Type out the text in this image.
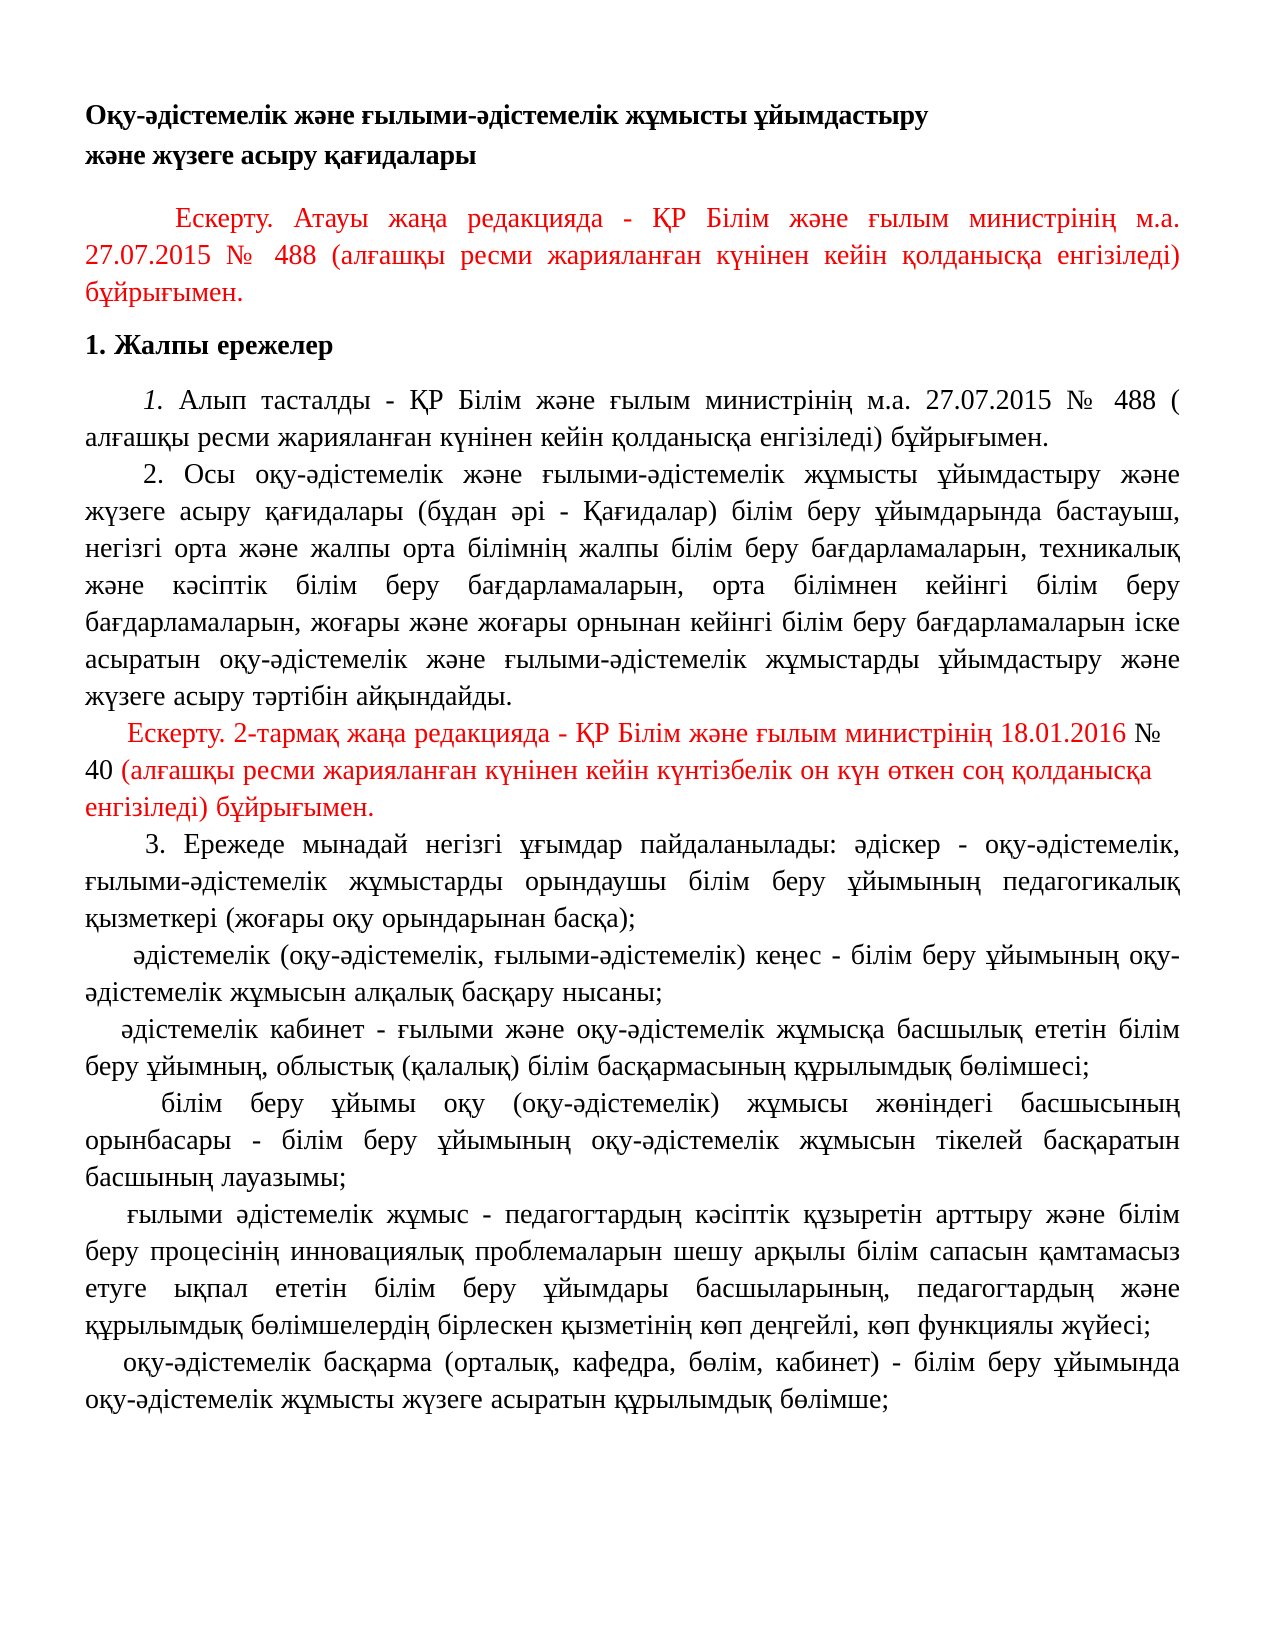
Оқу-әдістемелік және ғылыми-әдістемелік жұмысты ұйымдастыру
және жүзеге асыру қағидалары

Ескерту. Атауы жаңа редакцияда - ҚР Білім және ғылым министрінің м.а. 27.07.2015 № 488 (алғашқы ресми жарияланған күнінен кейін қолданысқа енгізіледі) бұйрығымен.

1. Жалпы ережелер

1. Алып тасталды - ҚР Білім және ғылым министрінің м.а. 27.07.2015 № 488 ( алғашқы ресми жарияланған күнінен кейін қолданысқа енгізіледі) бұйрығымен.

2. Осы оқу-әдістемелік және ғылыми-әдістемелік жұмысты ұйымдастыру және жүзеге асыру қағидалары (бұдан әрі - Қағидалар) білім беру ұйымдарында бастауыш, негізгі орта және жалпы орта білімнің жалпы білім беру бағдарламаларын, техникалық және кәсіптік білім беру бағдарламаларын, орта білімнен кейінгі білім беру бағдарламаларын, жоғары және жоғары орнынан кейінгі білім беру бағдарламаларын іске асыратын оқу-әдістемелік және ғылыми-әдістемелік жұмыстарды ұйымдастыру және жүзеге асыру тәртібін айқындайды.

Ескерту. 2-тармақ жаңа редакцияда - ҚР Білім және ғылым министрінің 18.01.2016 № 40 (алғашқы ресми жарияланған күнінен кейін күнтізбелік он күн өткен соң қолданысқа енгізіледі) бұйрығымен.

3. Ережеде мынадай негізгі ұғымдар пайдаланылады: әдіскер - оқу-әдістемелік, ғылыми-әдістемелік жұмыстарды орындаушы білім беру ұйымының педагогикалық қызметкері (жоғары оқу орындарынан басқа);

әдістемелік (оқу-әдістемелік, ғылыми-әдістемелік) кеңес - білім беру ұйымының оқу-әдістемелік жұмысын алқалық басқару нысаны;

әдістемелік кабинет - ғылыми және оқу-әдістемелік жұмысқа басшылық ететін білім беру ұйымның, облыстық (қалалық) білім басқармасының құрылымдық бөлімшесі;

білім беру ұйымы оқу (оқу-әдістемелік) жұмысы жөніндегі басшысының орынбасары - білім беру ұйымының оқу-әдістемелік жұмысын тікелей басқаратын басшының лауазымы;

ғылыми әдістемелік жұмыс - педагогтардың кәсіптік құзыретін арттыру және білім беру процесінің инновациялық проблемаларын шешу арқылы білім сапасын қамтамасыз етуге ықпал ететін білім беру ұйымдары басшыларының, педагогтардың және құрылымдық бөлімшелердің бірлескен қызметінің көп деңгейлі, көп функциялы жүйесі;

оқу-әдістемелік басқарма (орталық, кафедра, бөлім, кабинет) - білім беру ұйымында оқу-әдістемелік жұмысты жүзеге асыратын құрылымдық бөлімше;
